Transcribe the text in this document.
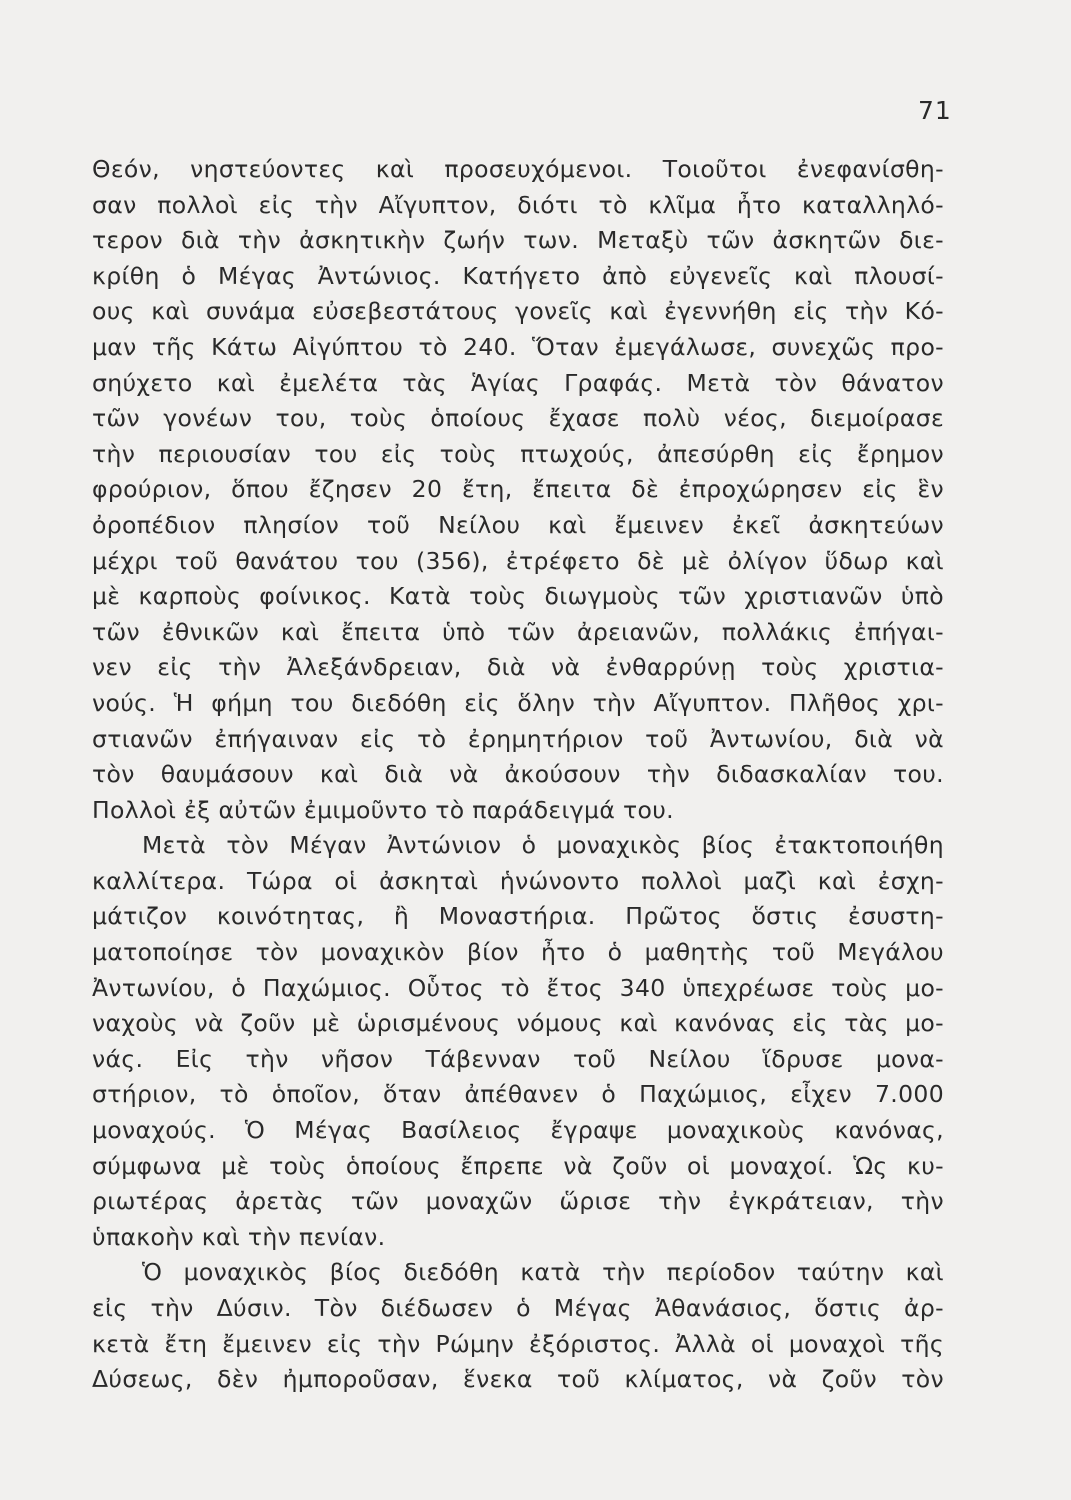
71
Θεόν, νηστεύοντες καὶ προσευχόμενοι. Τοιοῦτοι ἐνεφανίσθη-
σαν πολλοὶ εἰς τὴν Αἴγυπτον, διότι τὸ κλῖμα ἦτο καταλληλό-
τερον διὰ τὴν ἀσκητικὴν ζωήν των. Μεταξὺ τῶν ἀσκητῶν διε-
κρίθη ὁ Μέγας Ἀντώνιος. Κατήγετο ἀπὸ εὐγενεῖς καὶ πλουσί-
ους καὶ συνάμα εὐσεβεστάτους γονεῖς καὶ ἐγεννήθη εἰς τὴν Κό-
μαν τῆς Κάτω Αἰγύπτου τὸ 240. Ὅταν ἐμεγάλωσε, συνεχῶς προ-
σηύχετο καὶ ἐμελέτα τὰς Ἁγίας Γραφάς. Μετὰ τὸν θάνατον
τῶν γονέων του, τοὺς ὁποίους ἔχασε πολὺ νέος, διεμοίρασε
τὴν περιουσίαν του εἰς τοὺς πτωχούς, ἀπεσύρθη εἰς ἔρημον
φρούριον, ὅπου ἔζησεν 20 ἔτη, ἔπειτα δὲ ἐπροχώρησεν εἰς ἓν
ὀροπέδιον πλησίον τοῦ Νείλου καὶ ἔμεινεν ἐκεῖ ἀσκητεύων
μέχρι τοῦ θανάτου του (356), ἐτρέφετο δὲ μὲ ὀλίγον ὕδωρ καὶ
μὲ καρποὺς φοίνικος. Κατὰ τοὺς διωγμοὺς τῶν χριστιανῶν ὑπὸ
τῶν ἐθνικῶν καὶ ἔπειτα ὑπὸ τῶν ἀρειανῶν, πολλάκις ἐπήγαι-
νεν εἰς τὴν Ἀλεξάνδρειαν, διὰ νὰ ἐνθαρρύνῃ τοὺς χριστια-
νούς. Ἡ φήμη του διεδόθη εἰς ὅλην τὴν Αἴγυπτον. Πλῆθος χρι-
στιανῶν ἐπήγαιναν εἰς τὸ ἐρημητήριον τοῦ Ἀντωνίου, διὰ νὰ
τὸν θαυμάσουν καὶ διὰ νὰ ἀκούσουν τὴν διδασκαλίαν του.
Πολλοὶ ἐξ αὐτῶν ἐμιμοῦντο τὸ παράδειγμά του.
Μετὰ τὸν Μέγαν Ἀντώνιον ὁ μοναχικὸς βίος ἐτακτοποιήθη
καλλίτερα. Τώρα οἱ ἀσκηταὶ ἡνώνοντο πολλοὶ μαζὶ καὶ ἐσχη-
μάτιζον κοινότητας, ἢ Μοναστήρια. Πρῶτος ὅστις ἐσυστη-
ματοποίησε τὸν μοναχικὸν βίον ἦτο ὁ μαθητὴς τοῦ Μεγάλου
Ἀντωνίου, ὁ Παχώμιος. Οὗτος τὸ ἔτος 340 ὑπεχρέωσε τοὺς μο-
ναχοὺς νὰ ζοῦν μὲ ὡρισμένους νόμους καὶ κανόνας εἰς τὰς μο-
νάς. Εἰς τὴν νῆσον Τάβενναν τοῦ Νείλου ἵδρυσε μονα-
στήριον, τὸ ὁποῖον, ὅταν ἀπέθανεν ὁ Παχώμιος, εἶχεν 7.000
μοναχούς. Ὁ Μέγας Βασίλειος ἔγραψε μοναχικοὺς κανόνας,
σύμφωνα μὲ τοὺς ὁποίους ἔπρεπε νὰ ζοῦν οἱ μοναχοί. Ὡς κυ-
ριωτέρας ἀρετὰς τῶν μοναχῶν ὥρισε τὴν ἐγκράτειαν, τὴν
ὑπακοὴν καὶ τὴν πενίαν.
Ὁ μοναχικὸς βίος διεδόθη κατὰ τὴν περίοδον ταύτην καὶ
εἰς τὴν Δύσιν. Τὸν διέδωσεν ὁ Μέγας Ἀθανάσιος, ὅστις ἀρ-
κετὰ ἔτη ἔμεινεν εἰς τὴν Ρώμην ἐξόριστος. Ἀλλὰ οἱ μοναχοὶ τῆς
Δύσεως, δὲν ἠμποροῦσαν, ἕνεκα τοῦ κλίματος, νὰ ζοῦν τὸν
